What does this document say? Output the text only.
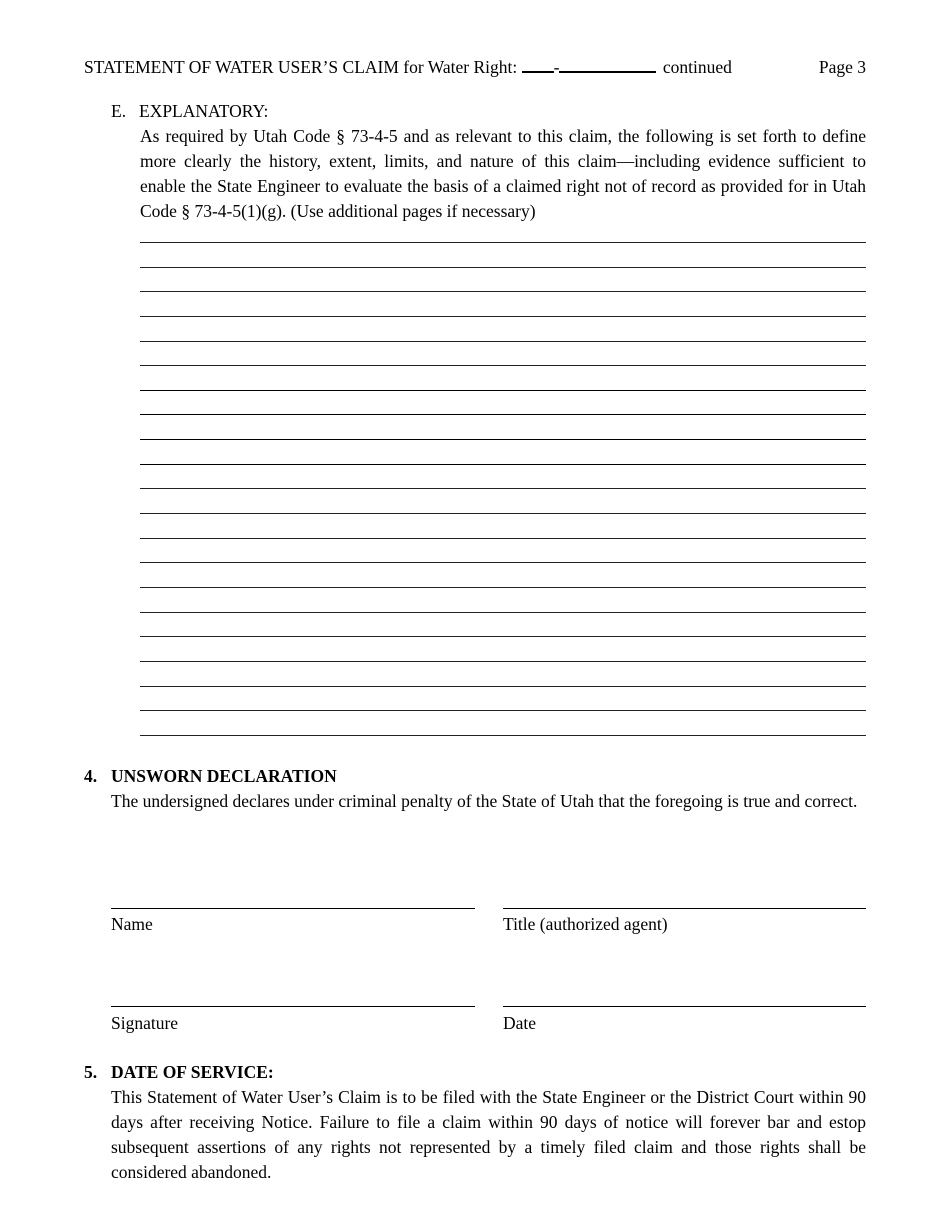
STATEMENT OF WATER USER’S CLAIM for Water Right: -	continued	Page 3
E. EXPLANATORY:
As required by Utah Code § 73-4-5 and as relevant to this claim, the following is set forth to define more clearly the history, extent, limits, and nature of this claim—including evidence sufficient to enable the State Engineer to evaluate the basis of a claimed right not of record as provided for in Utah Code § 73-4-5(1)(g). (Use additional pages if necessary)
4. UNSWORN DECLARATION
The undersigned declares under criminal penalty of the State of Utah that the foregoing is true and correct.
Name	Title (authorized agent)
Signature	Date
5. DATE OF SERVICE:
This Statement of Water User’s Claim is to be filed with the State Engineer or the District Court within 90 days after receiving Notice. Failure to file a claim within 90 days of notice will forever bar and estop subsequent assertions of any rights not represented by a timely filed claim and those rights shall be considered abandoned.
